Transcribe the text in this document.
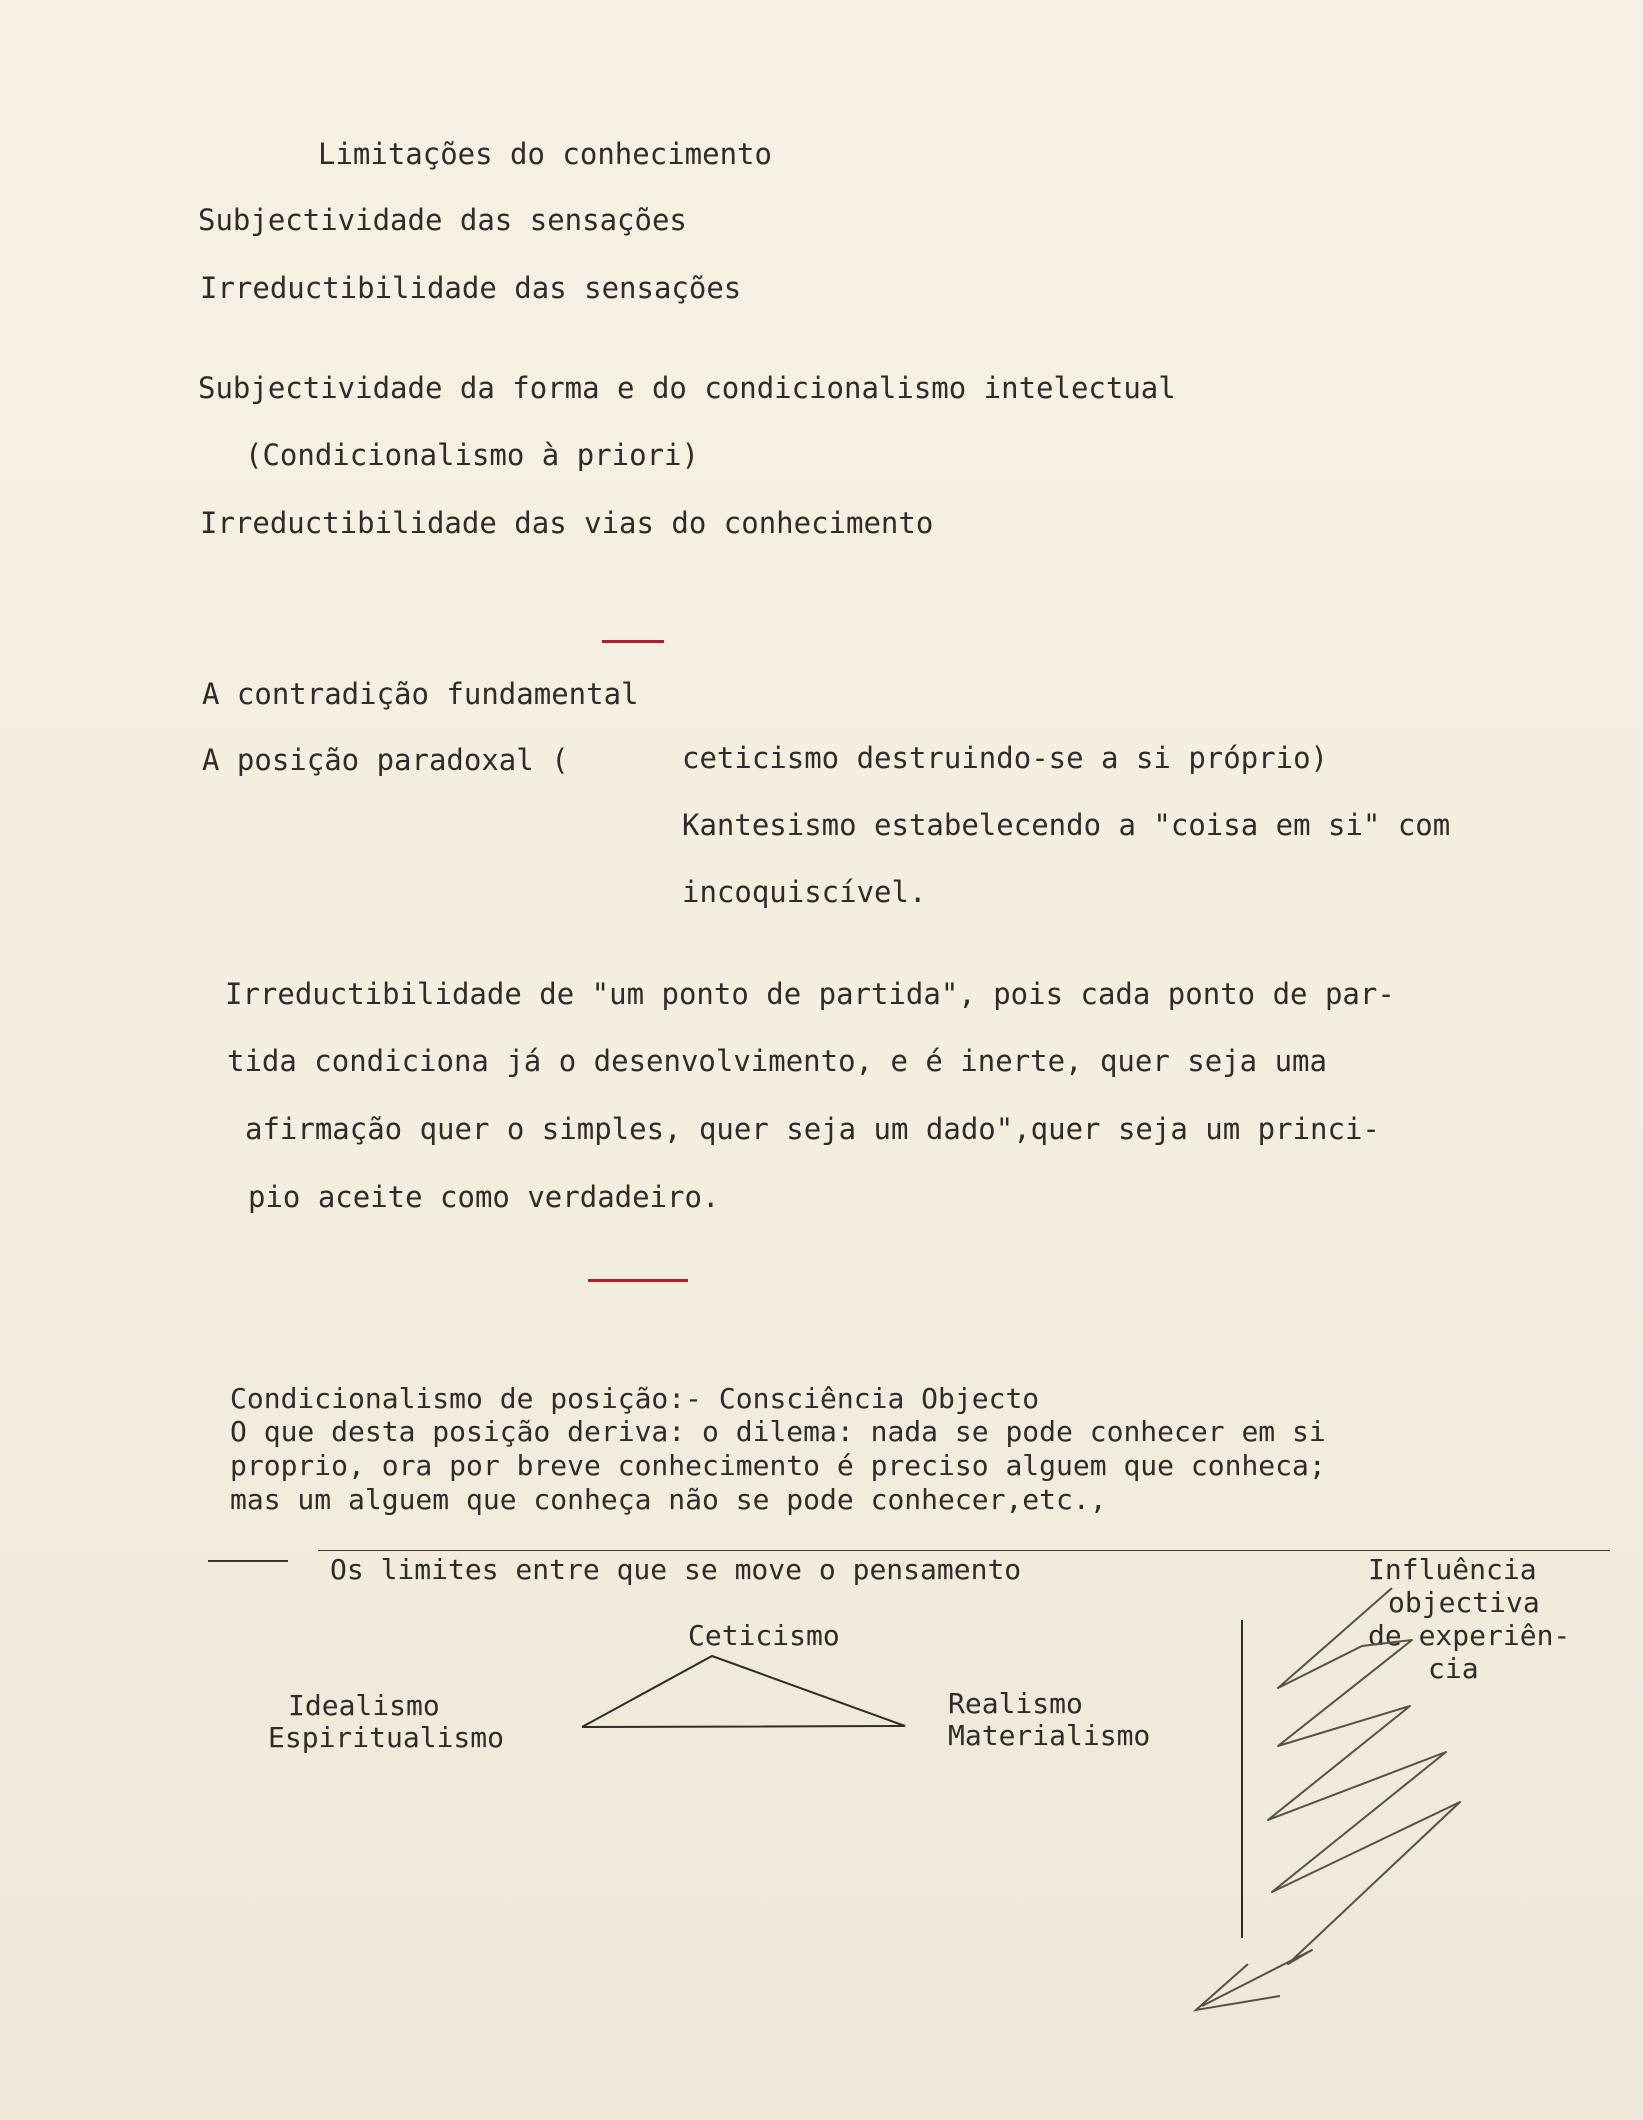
Limitações do conhecimento
Subjectividade das sensações
Irreductibilidade das sensações
Subjectividade da forma e do condicionalismo intelectual
(Condicionalismo à priori)
Irreductibilidade das vias do conhecimento
A contradição fundamental
A posição paradoxal (	ceticismo destruindo-se a si próprio)
Kantesismo estabelecendo a "coisa em si" com
incoquiscível.
Irreductibilidade de "um ponto de partida", pois cada ponto de par-
tida condiciona já o desenvolvimento, e é inerte, quer seja uma
afirmação quer o simples, quer seja um dado",quer seja um princi-
pio aceite como verdadeiro.
Condicionalismo de posição:- Consciência Objecto
O que desta posição deriva: o dilema: nada se pode conhecer em si
proprio, ora por breve conhecimento é preciso alguem que conheca;
mas um alguem que conheça não se pode conhecer,etc.,
Os limites entre que se move o pensamento
Ceticismo
Idealismo
Espiritualismo
Realismo
Materialismo
Influência
objectiva
de experiên-
cia
